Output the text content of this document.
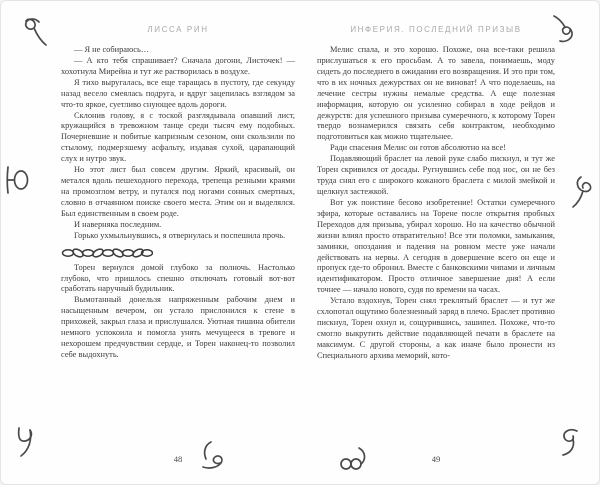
ЛИССА РИН

— Я не собираюсь…

— А кто тебя спрашивает? Сначала догони, Листочек! — хохотнула Мирейна и тут же растворилась в воздухе.

Я тихо выругалась, все еще таращась в пустоту, где секунду назад весело смеялась подруга, и вдруг зацепилась взглядом за что-то яркое, суетливо снующее вдоль дороги.

Склонив голову, я с тоской разглядывала опавший лист, кружащийся в тревожном танце среди тысяч ему подобных. Почерневшие и побитые капризным сезоном, они скользили по стылому, подмерзшему асфальту, издавая сухой, царапающий слух и нутро звук.

Но этот лист был совсем другим. Яркий, красивый, он метался вдоль пешеходного перехода, трепеща резными краями на промозглом ветру, и путался под ногами сонных смертных, словно в отчаянном поиске своего места. Этим он и выделялся. Был единственным в своем роде.

И наверняка последним.

Горько ухмыльнувшись, я отвернулась и поспешила прочь.

Торен вернулся домой глубоко за полночь. Настолько глубоко, что пришлось спешно отключать готовый вот-вот сработать наручный будильник.

Вымотанный донельзя напряженным рабочим днем и насыщенным вечером, он устало прислонился к стене в прихожей, закрыл глаза и прислушался. Уютная тишина обители немного успокоила и помогла унять мечущееся в тревоге и нехорошем предчувствии сердце, и Торен наконец-то позволил себе выдохнуть.

48
ИНФЕРИЯ. ПОСЛЕДНИЙ ПРИЗЫВ

Мелис спала, и это хорошо. Похоже, она все-таки решила прислушаться к его просьбам. А то завела, понимаешь, моду сидеть до последнего в ожидании его возвращения. И это при том, что в их ночных дежурствах он не виноват! А что поделаешь, на лечение сестры нужны немалые средства. А еще полезная информация, которую он усиленно собирал в ходе рейдов и дежурств: для успешного призыва сумеречного, к которому Торен твердо вознамерился связать себя контрактом, необходимо подготовиться как можно тщательнее.

Ради спасения Мелис он готов абсолютно на все!

Подавляющий браслет на левой руке слабо пискнул, и тут же Торен скривился от досады. Ругнувшись себе под нос, он не без труда снял его с широкого кожаного браслета с милой змейкой и щелкнул застежкой.

Вот уж поистине бесово изобретение! Остатки сумеречного эфира, которые оставались на Торене после открытия пробных Переходов для призыва, убирал хорошо. Но на качество обычной жизни влиял просто отвратительно! Все эти поломки, замыкания, заминки, опоздания и падения на ровном месте уже начали действовать на нервы. А сегодня в довершение всего он еще и пропуск где-то обронил. Вместе с банковскими чипами и личным идентификатором. Просто отличное завершение дня! А если точнее — начало нового, судя по времени на часах.

Устало вздохнув, Торен снял треклятый браслет — и тут же схлопотал ощутимо болезненный заряд в плечо. Браслет противно пискнул, Торен охнул и, сощурившись, зашипел. Похоже, что-то смогло выкрутить действие подавляющей печати в браслете на максимум. С другой стороны, а как иначе было пронести из Специального архива меморий, кото-

49
